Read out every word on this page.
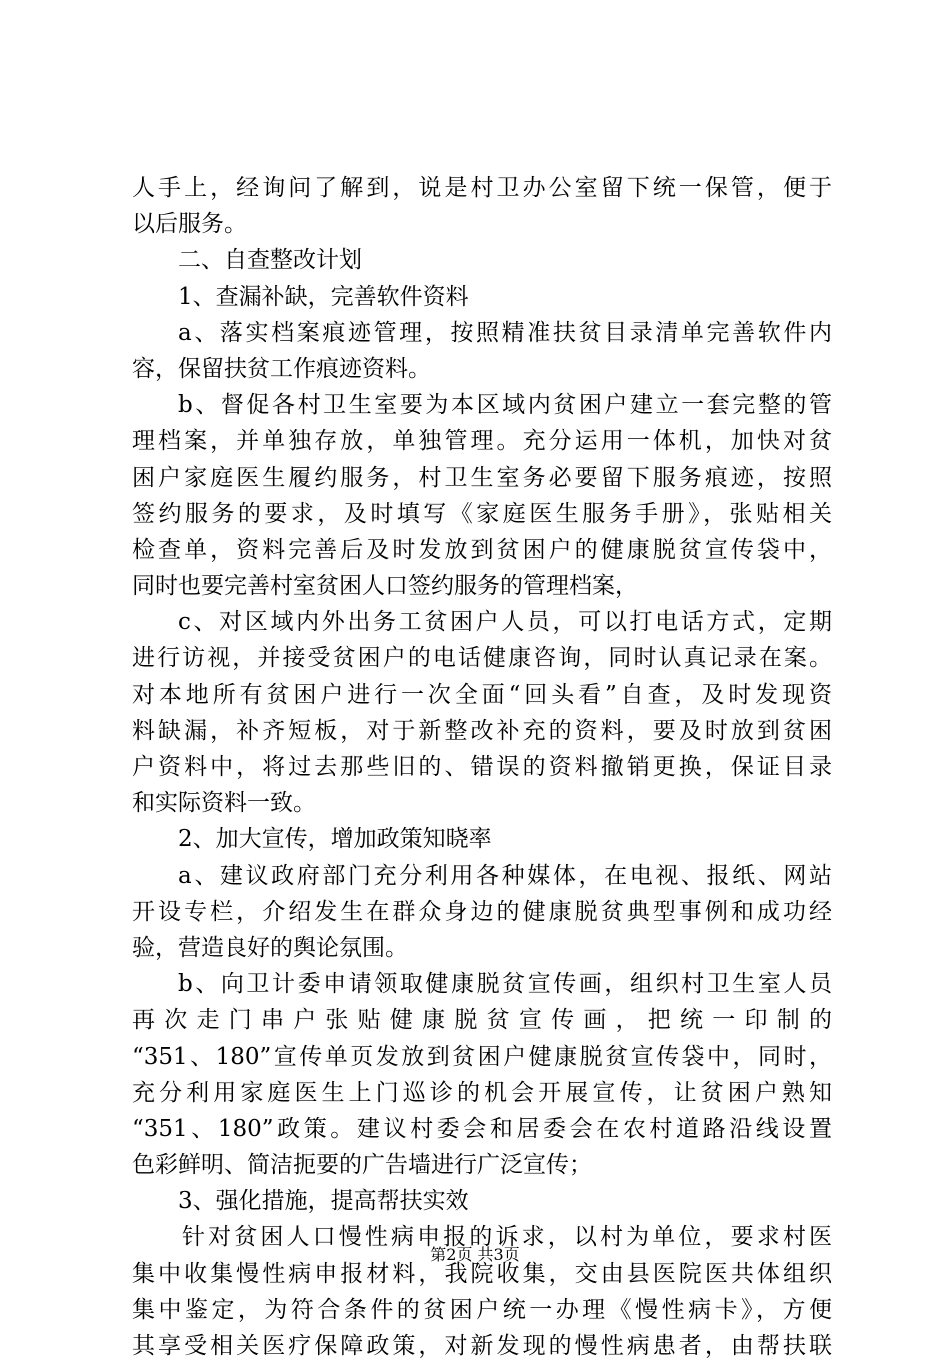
人手上，经询问了解到，说是村卫办公室留下统一保管，便于
以后服务。
二、自查整改计划
1、查漏补缺，完善软件资料
a、落实档案痕迹管理，按照精准扶贫目录清单完善软件内
容，保留扶贫工作痕迹资料。
b、督促各村卫生室要为本区域内贫困户建立一套完整的管
理档案，并单独存放，单独管理。充分运用一体机，加快对贫
困户家庭医生履约服务，村卫生室务必要留下服务痕迹，按照
签约服务的要求，及时填写《家庭医生服务手册》，张贴相关
检查单，资料完善后及时发放到贫困户的健康脱贫宣传袋中，
同时也要完善村室贫困人口签约服务的管理档案，
c、对区域内外出务工贫困户人员，可以打电话方式，定期
进行访视，并接受贫困户的电话健康咨询，同时认真记录在案。
对本地所有贫困户进行一次全面“回头看”自查，及时发现资
料缺漏，补齐短板，对于新整改补充的资料，要及时放到贫困
户资料中，将过去那些旧的、错误的资料撤销更换，保证目录
和实际资料一致。
2、加大宣传，增加政策知晓率
a、建议政府部门充分利用各种媒体，在电视、报纸、网站
开设专栏，介绍发生在群众身边的健康脱贫典型事例和成功经
验，营造良好的舆论氛围。
b、向卫计委申请领取健康脱贫宣传画，组织村卫生室人员
再次走门串户张贴健康脱贫宣传画，把统一印制的
“351、180”宣传单页发放到贫困户健康脱贫宣传袋中，同时，
充分利用家庭医生上门巡诊的机会开展宣传，让贫困户熟知
“351、180”政策。建议村委会和居委会在农村道路沿线设置
色彩鲜明、简洁扼要的广告墙进行广泛宣传；
3、强化措施，提高帮扶实效
针对贫困人口慢性病申报的诉求，以村为单位，要求村医
集中收集慢性病申报材料，我院收集，交由县医院医共体组织
集中鉴定，为符合条件的贫困户统一办理《慢性病卡》，方便
其享受相关医疗保障政策，对新发现的慢性病患者，由帮扶联
第2页 共3页
